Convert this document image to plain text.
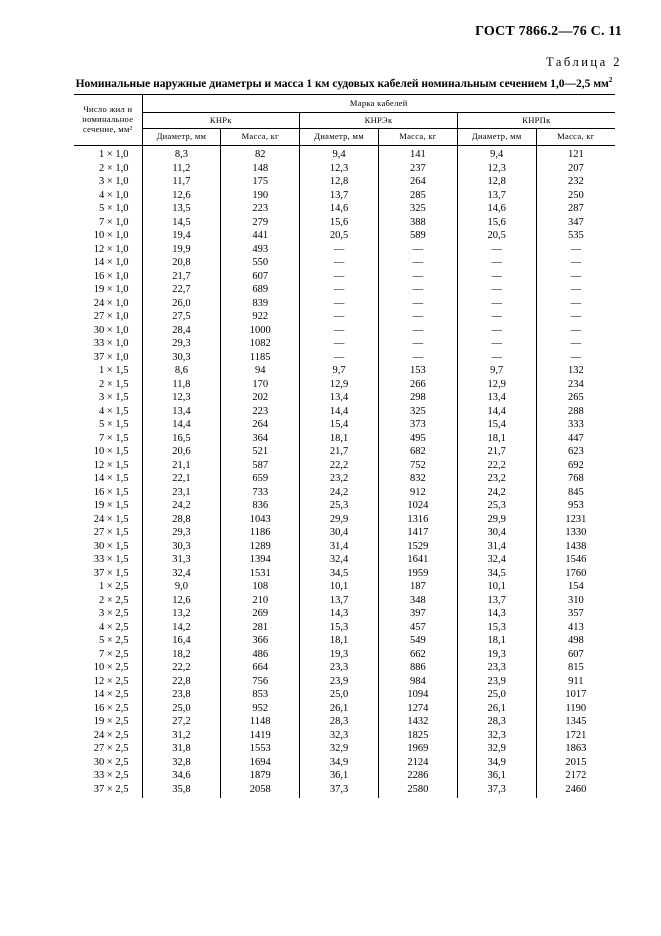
ГОСТ 7866.2—76 С. 11
Таблица 2
Номинальные наружные диаметры и масса 1 км судовых кабелей номинальным сечением 1,0—2,5 $мм^2$
Число жил и номинальное сечение, мм²	Марка кабелей					
	КНРк		КНРЭк		КНРПк	
	Диаметр, мм	Масса, кг	Диаметр, мм	Масса, кг	Диаметр, мм	Масса, кг
1 × 1,0	8,3	82	9,4	141	9,4	121
2 × 1,0	11,2	148	12,3	237	12,3	207
3 × 1,0	11,7	175	12,8	264	12,8	232
4 × 1,0	12,6	190	13,7	285	13,7	250
5 × 1,0	13,5	223	14,6	325	14,6	287
7 × 1,0	14,5	279	15,6	388	15,6	347
10 × 1,0	19,4	441	20,5	589	20,5	535
12 × 1,0	19,9	493	—	—	—	—
14 × 1,0	20,8	550	—	—	—	—
16 × 1,0	21,7	607	—	—	—	—
19 × 1,0	22,7	689	—	—	—	—
24 × 1,0	26,0	839	—	—	—	—
27 × 1,0	27,5	922	—	—	—	—
30 × 1,0	28,4	1000	—	—	—	—
33 × 1,0	29,3	1082	—	—	—	—
37 × 1,0	30,3	1185	—	—	—	—
1 × 1,5	8,6	94	9,7	153	9,7	132
2 × 1,5	11,8	170	12,9	266	12,9	234
3 × 1,5	12,3	202	13,4	298	13,4	265
4 × 1,5	13,4	223	14,4	325	14,4	288
5 × 1,5	14,4	264	15,4	373	15,4	333
7 × 1,5	16,5	364	18,1	495	18,1	447
10 × 1,5	20,6	521	21,7	682	21,7	623
12 × 1,5	21,1	587	22,2	752	22,2	692
14 × 1,5	22,1	659	23,2	832	23,2	768
16 × 1,5	23,1	733	24,2	912	24,2	845
19 × 1,5	24,2	836	25,3	1024	25,3	953
24 × 1,5	28,8	1043	29,9	1316	29,9	1231
27 × 1,5	29,3	1186	30,4	1417	30,4	1330
30 × 1,5	30,3	1289	31,4	1529	31,4	1438
33 × 1,5	31,3	1394	32,4	1641	32,4	1546
37 × 1,5	32,4	1531	34,5	1959	34,5	1760
1 × 2,5	9,0	108	10,1	187	10,1	154
2 × 2,5	12,6	210	13,7	348	13,7	310
3 × 2,5	13,2	269	14,3	397	14,3	357
4 × 2,5	14,2	281	15,3	457	15,3	413
5 × 2,5	16,4	366	18,1	549	18,1	498
7 × 2,5	18,2	486	19,3	662	19,3	607
10 × 2,5	22,2	664	23,3	886	23,3	815
12 × 2,5	22,8	756	23,9	984	23,9	911
14 × 2,5	23,8	853	25,0	1094	25,0	1017
16 × 2,5	25,0	952	26,1	1274	26,1	1190
19 × 2,5	27,2	1148	28,3	1432	28,3	1345
24 × 2,5	31,2	1419	32,3	1825	32,3	1721
27 × 2,5	31,8	1553	32,9	1969	32,9	1863
30 × 2,5	32,8	1694	34,9	2124	34,9	2015
33 × 2,5	34,6	1879	36,1	2286	36,1	2172
37 × 2,5	35,8	2058	37,3	2580	37,3	2460
